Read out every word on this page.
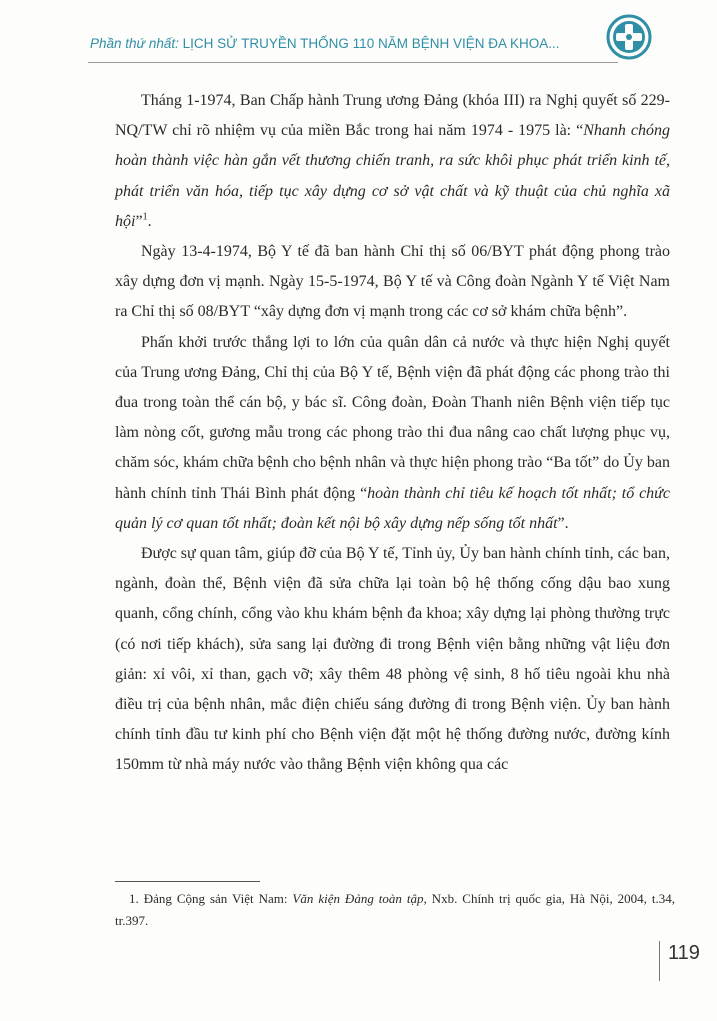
Phần thứ nhất: LỊCH SỬ TRUYỀN THỐNG 110 NĂM BỆNH VIỆN ĐA KHOA...

Tháng 1-1974, Ban Chấp hành Trung ương Đảng (khóa III) ra Nghị quyết số 229-NQ/TW chỉ rõ nhiệm vụ của miền Bắc trong hai năm 1974 - 1975 là: “Nhanh chóng hoàn thành việc hàn gắn vết thương chiến tranh, ra sức khôi phục phát triển kinh tế, phát triển văn hóa, tiếp tục xây dựng cơ sở vật chất và kỹ thuật của chủ nghĩa xã hội”$^1$.

Ngày 13-4-1974, Bộ Y tế đã ban hành Chỉ thị số 06/BYT phát động phong trào xây dựng đơn vị mạnh. Ngày 15-5-1974, Bộ Y tế và Công đoàn Ngành Y tế Việt Nam ra Chỉ thị số 08/BYT “xây dựng đơn vị mạnh trong các cơ sở khám chữa bệnh”.

Phấn khởi trước thắng lợi to lớn của quân dân cả nước và thực hiện Nghị quyết của Trung ương Đảng, Chỉ thị của Bộ Y tế, Bệnh viện đã phát động các phong trào thi đua trong toàn thể cán bộ, y bác sĩ. Công đoàn, Đoàn Thanh niên Bệnh viện tiếp tục làm nòng cốt, gương mẫu trong các phong trào thi đua nâng cao chất lượng phục vụ, chăm sóc, khám chữa bệnh cho bệnh nhân và thực hiện phong trào “Ba tốt” do Ủy ban hành chính tỉnh Thái Bình phát động “hoàn thành chỉ tiêu kế hoạch tốt nhất; tổ chức quản lý cơ quan tốt nhất; đoàn kết nội bộ xây dựng nếp sống tốt nhất”.

Được sự quan tâm, giúp đỡ của Bộ Y tế, Tỉnh ủy, Ủy ban hành chính tỉnh, các ban, ngành, đoàn thể, Bệnh viện đã sửa chữa lại toàn bộ hệ thống cống dậu bao xung quanh, cổng chính, cổng vào khu khám bệnh đa khoa; xây dựng lại phòng thường trực (có nơi tiếp khách), sửa sang lại đường đi trong Bệnh viện bằng những vật liệu đơn giản: xỉ vôi, xỉ than, gạch vỡ; xây thêm 48 phòng vệ sinh, 8 hố tiêu ngoài khu nhà điều trị của bệnh nhân, mắc điện chiếu sáng đường đi trong Bệnh viện. Ủy ban hành chính tỉnh đầu tư kinh phí cho Bệnh viện đặt một hệ thống đường nước, đường kính 150mm từ nhà máy nước vào thẳng Bệnh viện không qua các

1. Đảng Cộng sản Việt Nam: Văn kiện Đảng toàn tập, Nxb. Chính trị quốc gia, Hà Nội, 2004, t.34, tr.397.

119
